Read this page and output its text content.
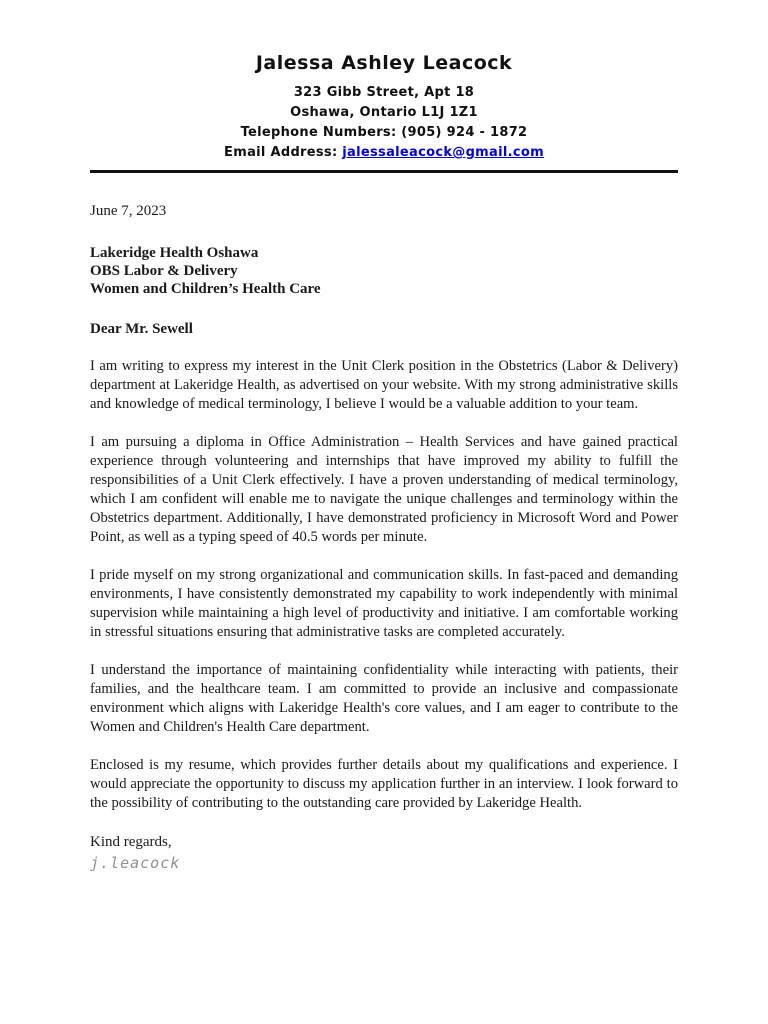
Jalessa Ashley Leacock
323 Gibb Street, Apt 18
Oshawa, Ontario L1J 1Z1
Telephone Numbers: (905) 924 - 1872
Email Address: jalessaleacock@gmail.com
June 7, 2023
Lakeridge Health Oshawa
OBS Labor & Delivery
Women and Children’s Health Care
Dear Mr. Sewell

I am writing to express my interest in the Unit Clerk position in the Obstetrics (Labor & Delivery) department at Lakeridge Health, as advertised on your website. With my strong administrative skills and knowledge of medical terminology, I believe I would be a valuable addition to your team.

I am pursuing a diploma in Office Administration – Health Services and have gained practical experience through volunteering and internships that have improved my ability to fulfill the responsibilities of a Unit Clerk effectively. I have a proven understanding of medical terminology, which I am confident will enable me to navigate the unique challenges and terminology within the Obstetrics department. Additionally, I have demonstrated proficiency in Microsoft Word and Power Point, as well as a typing speed of 40.5 words per minute.

I pride myself on my strong organizational and communication skills. In fast-paced and demanding environments, I have consistently demonstrated my capability to work independently with minimal supervision while maintaining a high level of productivity and initiative. I am comfortable working in stressful situations ensuring that administrative tasks are completed accurately.

I understand the importance of maintaining confidentiality while interacting with patients, their families, and the healthcare team. I am committed to provide an inclusive and compassionate environment which aligns with Lakeridge Health's core values, and I am eager to contribute to the Women and Children's Health Care department.

Enclosed is my resume, which provides further details about my qualifications and experience. I would appreciate the opportunity to discuss my application further in an interview. I look forward to the possibility of contributing to the outstanding care provided by Lakeridge Health.

Kind regards,
j.leacock
